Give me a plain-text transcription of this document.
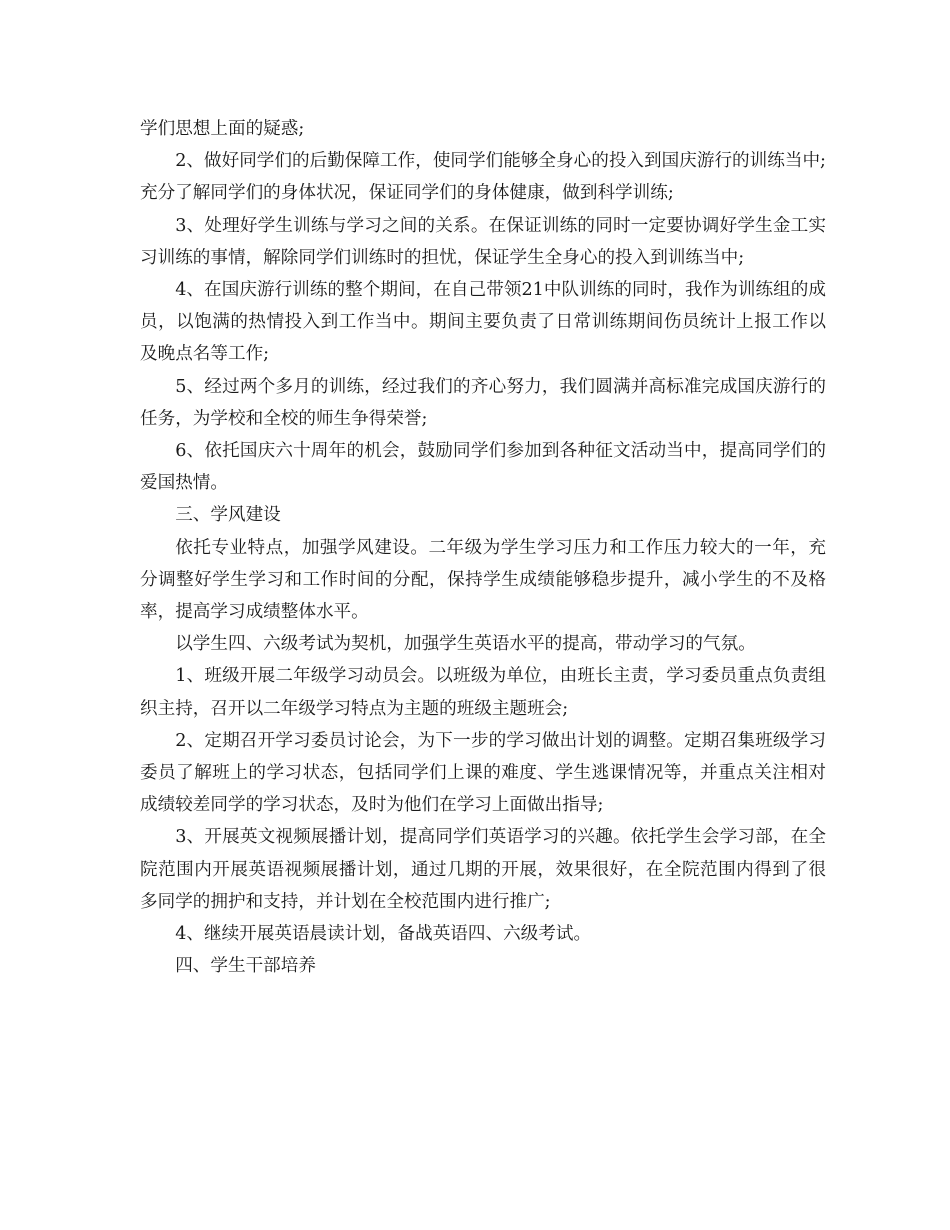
学们思想上面的疑惑;

2、做好同学们的后勤保障工作，使同学们能够全身心的投入到国庆游行的训练当中;充分了解同学们的身体状况，保证同学们的身体健康，做到科学训练;

3、处理好学生训练与学习之间的关系。在保证训练的同时一定要协调好学生金工实习训练的事情，解除同学们训练时的担忧，保证学生全身心的投入到训练当中;

4、在国庆游行训练的整个期间，在自己带领21中队训练的同时，我作为训练组的成员，以饱满的热情投入到工作当中。期间主要负责了日常训练期间伤员统计上报工作以及晚点名等工作;

5、经过两个多月的训练，经过我们的齐心努力，我们圆满并高标准完成国庆游行的任务，为学校和全校的师生争得荣誉;

6、依托国庆六十周年的机会，鼓励同学们参加到各种征文活动当中，提高同学们的爱国热情。

三、学风建设

依托专业特点，加强学风建设。二年级为学生学习压力和工作压力较大的一年，充分调整好学生学习和工作时间的分配，保持学生成绩能够稳步提升，减小学生的不及格率，提高学习成绩整体水平。

以学生四、六级考试为契机，加强学生英语水平的提高，带动学习的气氛。

1、班级开展二年级学习动员会。以班级为单位，由班长主责，学习委员重点负责组织主持，召开以二年级学习特点为主题的班级主题班会;

2、定期召开学习委员讨论会，为下一步的学习做出计划的调整。定期召集班级学习委员了解班上的学习状态，包括同学们上课的难度、学生逃课情况等，并重点关注相对成绩较差同学的学习状态，及时为他们在学习上面做出指导;

3、开展英文视频展播计划，提高同学们英语学习的兴趣。依托学生会学习部，在全院范围内开展英语视频展播计划，通过几期的开展，效果很好，在全院范围内得到了很多同学的拥护和支持，并计划在全校范围内进行推广;

4、继续开展英语晨读计划，备战英语四、六级考试。

四、学生干部培养
